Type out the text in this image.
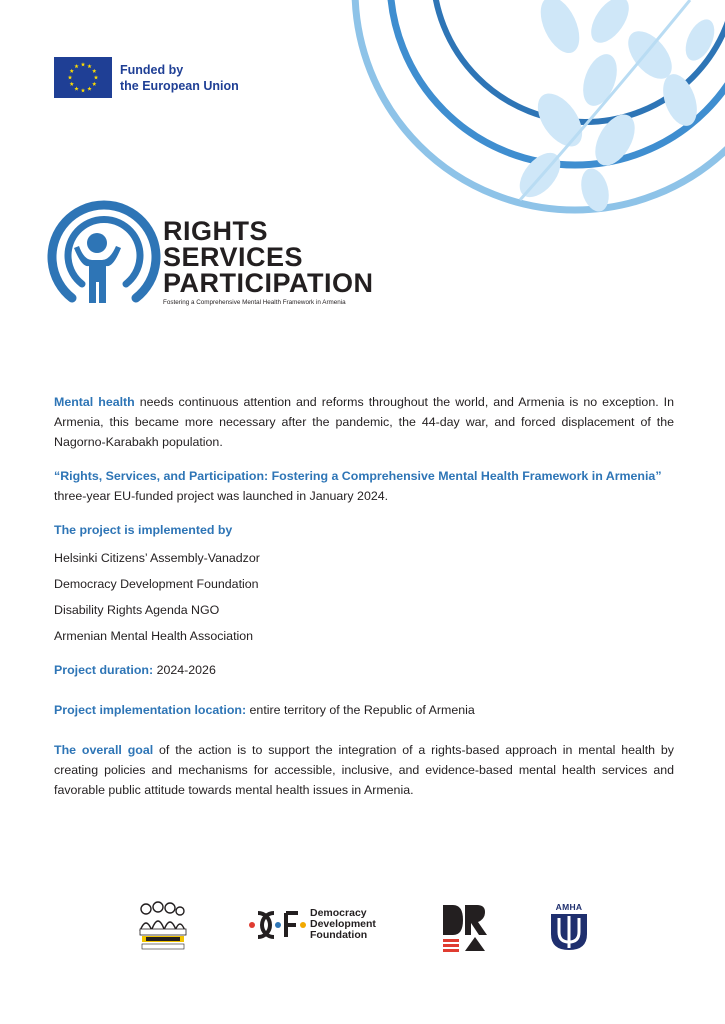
Funded by
the European Union
RIGHTS
SERVICES
PARTICIPATION
Fostering a Comprehensive Mental Health Framework in Armenia

Mental health needs continuous attention and reforms throughout the world, and Armenia is no exception. In Armenia, this became more necessary after the pandemic, the 44-day war, and forced displacement of the Nagorno-Karabakh population.

“Rights, Services, and Participation: Fostering a Comprehensive Mental Health Framework in Armenia”
three-year EU-funded project was launched in January 2024.

The project is implemented by

Helsinki Citizens’ Assembly-Vanadzor
Democracy Development Foundation
Disability Rights Agenda NGO
Armenian Mental Health Association

Project duration: 2024-2026

Project implementation location: entire territory of the Republic of Armenia

The overall goal of the action is to support the integration of a rights-based approach in mental health by creating policies and mechanisms for accessible, inclusive, and evidence-based mental health services and favorable public attitude towards mental health issues in Armenia.

Democracy
Development
Foundation
AMHA
